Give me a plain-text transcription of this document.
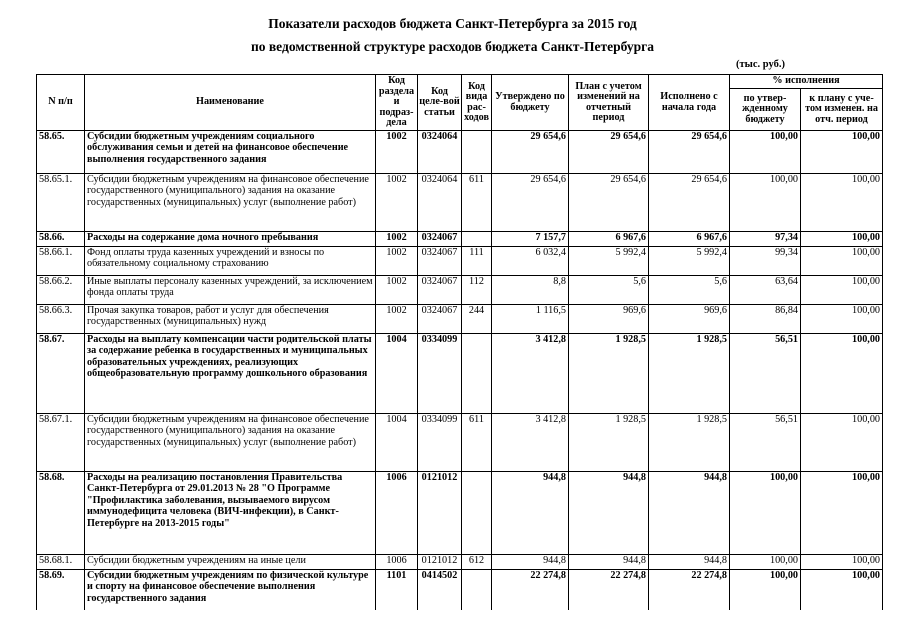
Показатели расходов бюджета Санкт-Петербурга за 2015 год
по ведомственной структуре расходов бюджета Санкт-Петербурга
(тыс. руб.)
N п/п	Наименование	Код раздела и подраз-дела	Код целе-вой статьи	Код вида рас-ходов	Утверждено по бюджету	План с учетом изменений на отчетный период	Исполнено с начала года	% исполнения	
								по утвер-жденному бюджету	к плану с уче-том изменен. на отч. период
58.65.	Субсидии бюджетным учреждениям социального обслуживания семьи и детей на финансовое обеспечение выполнения государственного задания	1002	0324064		29 654,6	29 654,6	29 654,6	100,00	100,00
58.65.1.	Субсидии бюджетным учреждениям на финансовое обеспечение государственного (муниципального) задания на оказание государственных (муниципальных) услуг (выполнение работ)	1002	0324064	611	29 654,6	29 654,6	29 654,6	100,00	100,00
58.66.	Расходы на содержание дома ночного пребывания	1002	0324067		7 157,7	6 967,6	6 967,6	97,34	100,00
58.66.1.	Фонд оплаты труда казенных учреждений и взносы по обязательному социальному страхованию	1002	0324067	111	6 032,4	5 992,4	5 992,4	99,34	100,00
58.66.2.	Иные выплаты персоналу казенных учреждений, за исключением фонда оплаты труда	1002	0324067	112	8,8	5,6	5,6	63,64	100,00
58.66.3.	Прочая закупка товаров, работ и услуг для обеспечения государственных (муниципальных) нужд	1002	0324067	244	1 116,5	969,6	969,6	86,84	100,00
58.67.	Расходы на выплату компенсации части родительской платы за содержание ребенка в государственных и муниципальных образовательных учреждениях, реализующих общеобразовательную программу дошкольного образования	1004	0334099		3 412,8	1 928,5	1 928,5	56,51	100,00
58.67.1.	Субсидии бюджетным учреждениям на финансовое обеспечение государственного (муниципального) задания на оказание государственных (муниципальных) услуг (выполнение работ)	1004	0334099	611	3 412,8	1 928,5	1 928,5	56,51	100,00
58.68.	Расходы на реализацию постановления Правительства Санкт-Петербурга от 29.01.2013 № 28 "О Программе "Профилактика заболевания, вызываемого вирусом иммунодефицита человека (ВИЧ-инфекции), в Санкт-Петербурге на 2013-2015 годы"	1006	0121012		944,8	944,8	944,8	100,00	100,00
58.68.1.	Субсидии бюджетным учреждениям на иные цели	1006	0121012	612	944,8	944,8	944,8	100,00	100,00
58.69.	Субсидии бюджетным учреждениям по физической культуре и спорту на финансовое обеспечение выполнения государственного задания	1101	0414502		22 274,8	22 274,8	22 274,8	100,00	100,00
